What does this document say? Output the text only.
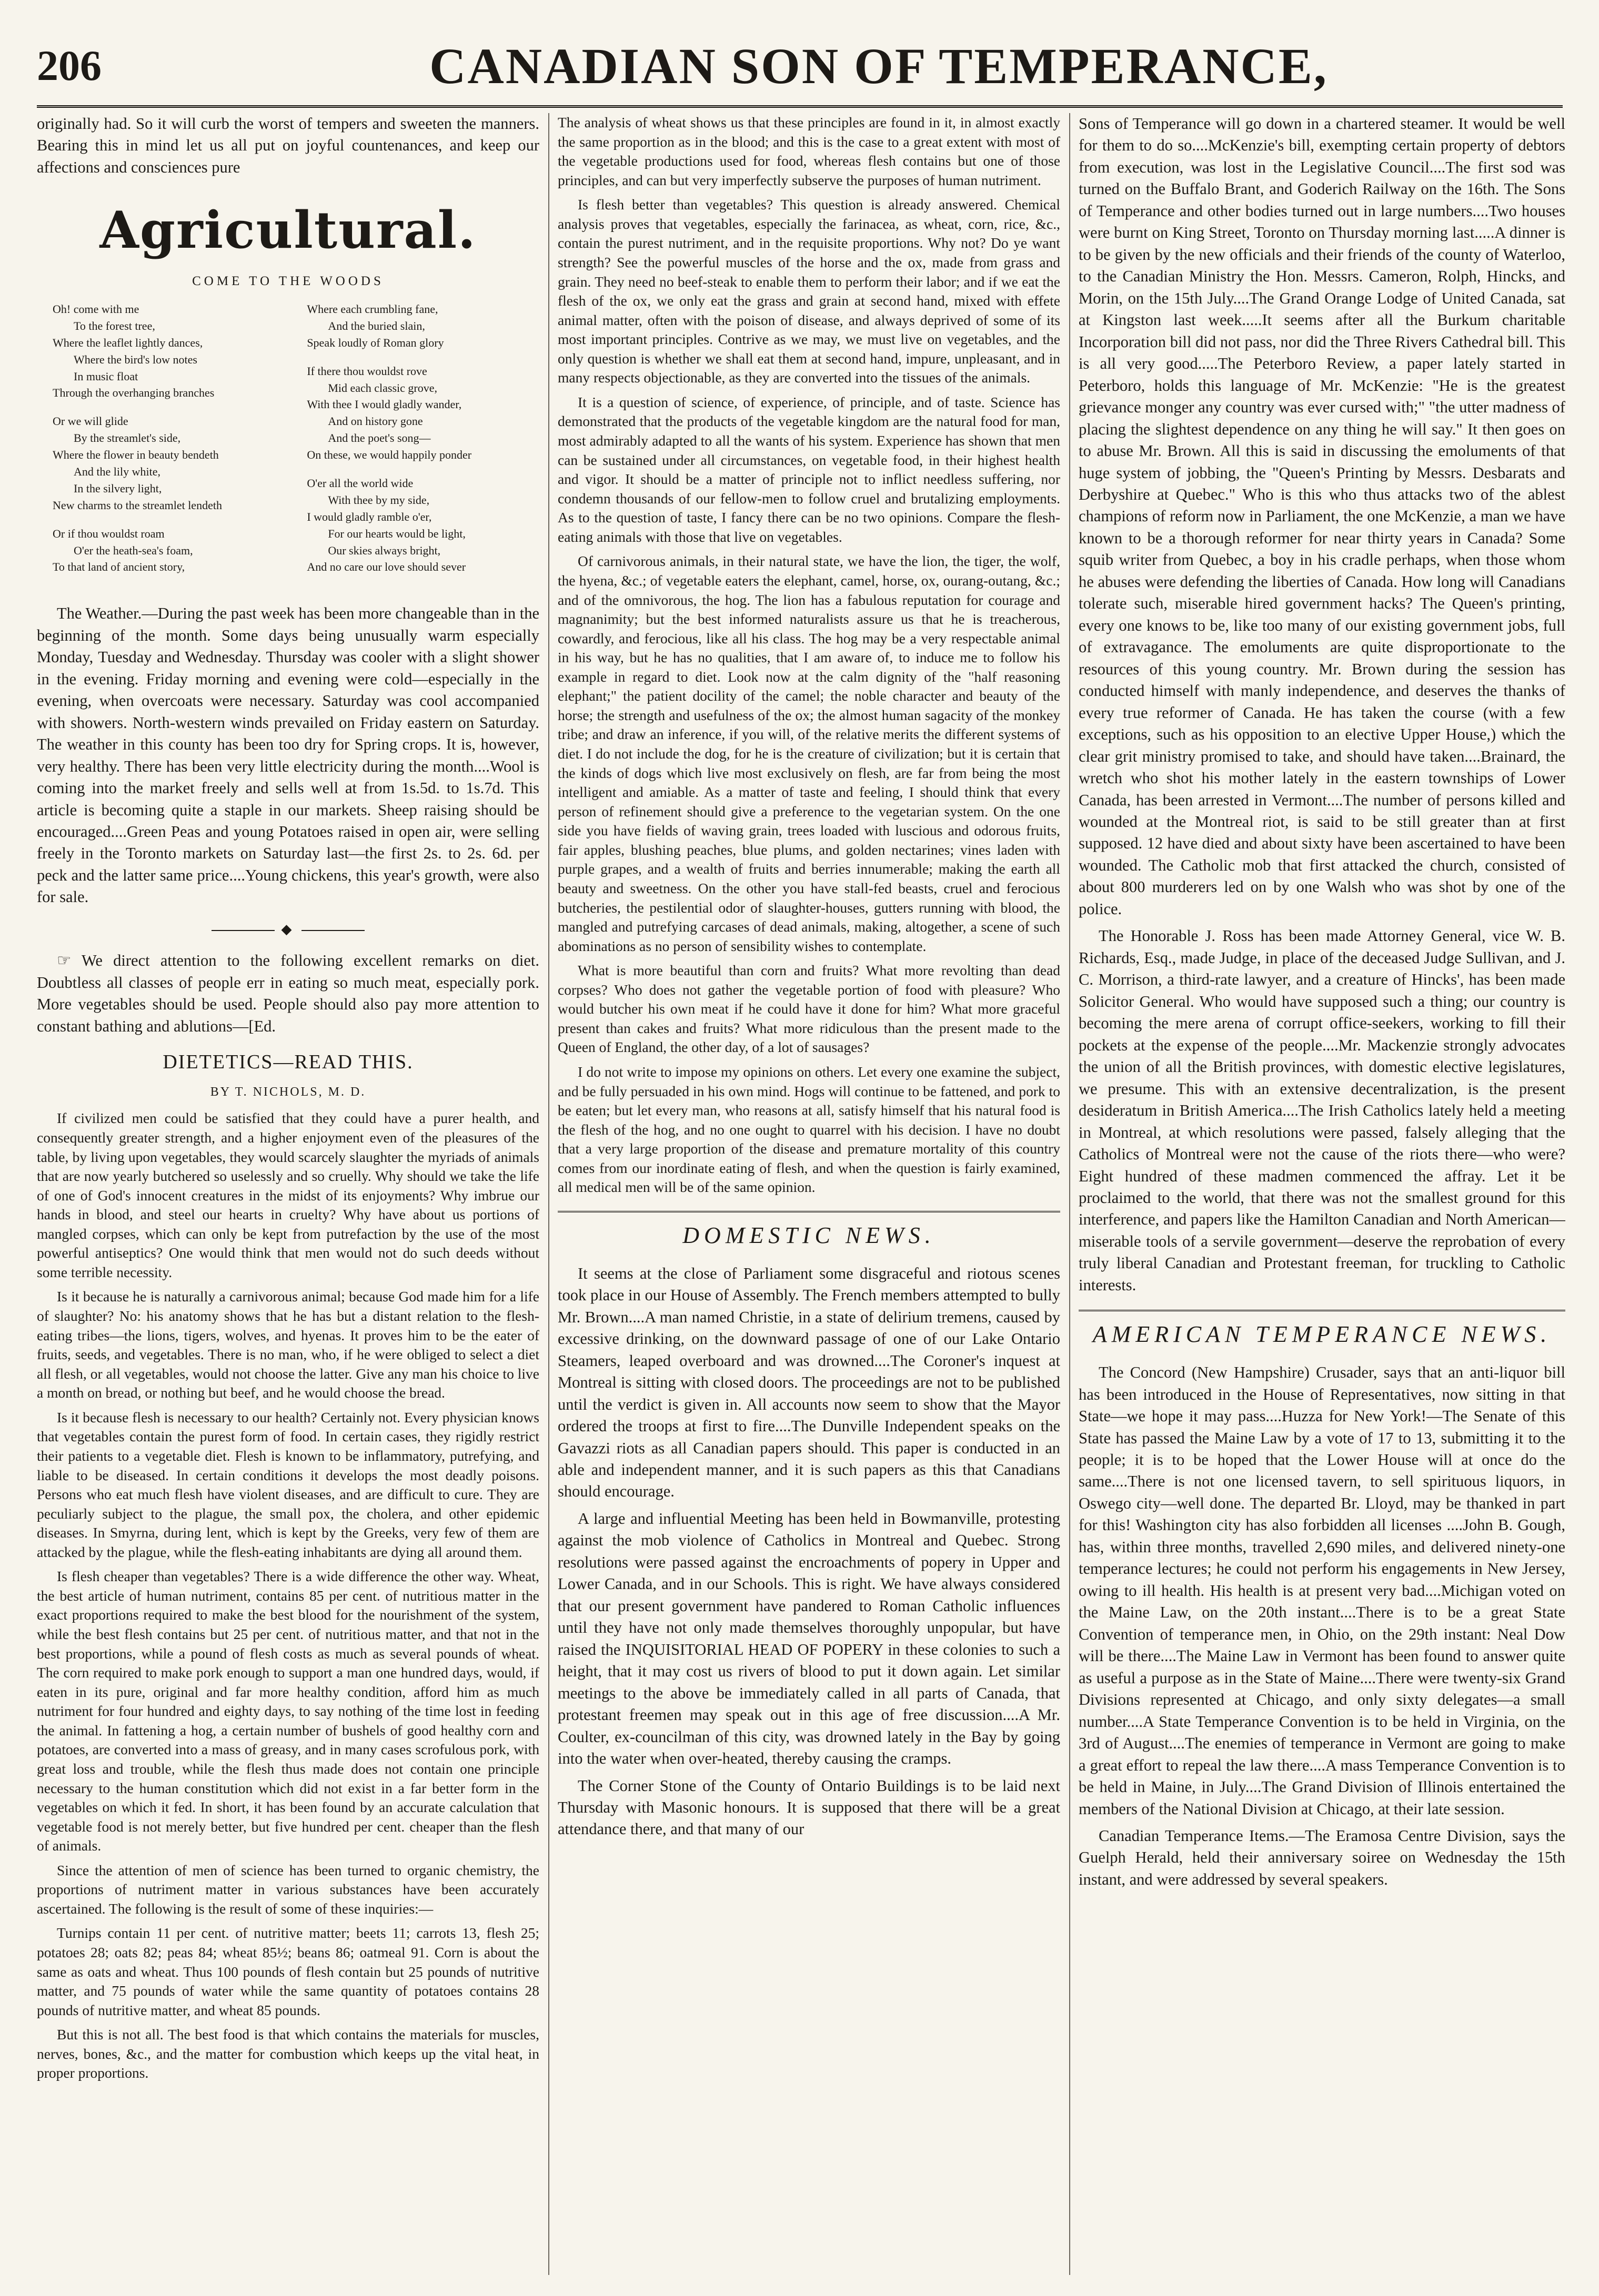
206	CANADIAN SON OF TEMPERANCE,

originally had. So it will curb the worst of tempers and sweeten the manners. Bearing this in mind let us all put on joyful countenances, and keep our affections and consciences pure

Agricultural.
COME TO THE WOODS
Oh! come with me
To the forest tree,
Where the leaflet lightly dances,
Where the bird's low notes
In music float
Through the overhanging branches
Or we will glide
By the streamlet's side,
Where the flower in beauty bendeth
And the lily white,
In the silvery light,
New charms to the streamlet lendeth
Or if thou wouldst roam
O'er the heath-sea's foam,
To that land of ancient story,
Where each crumbling fane,
And the buried slain,
Speak loudly of Roman glory
If there thou wouldst rove
Mid each classic grove,
With thee I would gladly wander,
And on history gone
And the poet's song—
On these, we would happily ponder
O'er all the world wide
With thee by my side,
I would gladly ramble o'er,
For our hearts would be light,
Our skies always bright,
And no care our love should sever

The Weather.—During the past week has been more changeable than in the beginning of the month. Some days being unusually warm especially Monday, Tuesday and Wednesday. Thursday was cooler with a slight shower in the evening. Friday morning and evening were cold—especially in the evening, when overcoats were necessary. Saturday was cool accompanied with showers. North-western winds prevailed on Friday eastern on Saturday. The weather in this county has been too dry for Spring crops. It is, however, very healthy. There has been very little electricity during the month....Wool is coming into the market freely and sells well at from 1s.5d. to 1s.7d. This article is becoming quite a staple in our markets. Sheep raising should be encouraged....Green Peas and young Potatoes raised in open air, were selling freely in the Toronto markets on Saturday last—the first 2s. to 2s. 6d. per peck and the latter same price....Young chickens, this year's growth, were also for sale.

◆

☞ We direct attention to the following excellent remarks on diet. Doubtless all classes of people err in eating so much meat, especially pork. More vegetables should be used. People should also pay more attention to constant bathing and ablutions—[Ed.

DIETETICS—READ THIS.
BY T. NICHOLS, M. D.

If civilized men could be satisfied that they could have a purer health, and consequently greater strength, and a higher enjoyment even of the pleasures of the table, by living upon vegetables, they would scarcely slaughter the myriads of animals that are now yearly butchered so uselessly and so cruelly. Why should we take the life of one of God's innocent creatures in the midst of its enjoyments? Why imbrue our hands in blood, and steel our hearts in cruelty? Why have about us portions of mangled corpses, which can only be kept from putrefaction by the use of the most powerful antiseptics? One would think that men would not do such deeds without some terrible necessity.

Is it because he is naturally a carnivorous animal; because God made him for a life of slaughter? No: his anatomy shows that he has but a distant relation to the flesh-eating tribes—the lions, tigers, wolves, and hyenas. It proves him to be the eater of fruits, seeds, and vegetables. There is no man, who, if he were obliged to select a diet all flesh, or all vegetables, would not choose the latter. Give any man his choice to live a month on bread, or nothing but beef, and he would choose the bread.

Is it because flesh is necessary to our health? Certainly not. Every physician knows that vegetables contain the purest form of food. In certain cases, they rigidly restrict their patients to a vegetable diet. Flesh is known to be inflammatory, putrefying, and liable to be diseased. In certain conditions it develops the most deadly poisons. Persons who eat much flesh have violent diseases, and are difficult to cure. They are peculiarly subject to the plague, the small pox, the cholera, and other epidemic diseases. In Smyrna, during lent, which is kept by the Greeks, very few of them are attacked by the plague, while the flesh-eating inhabitants are dying all around them.

Is flesh cheaper than vegetables? There is a wide difference the other way. Wheat, the best article of human nutriment, contains 85 per cent. of nutritious matter in the exact proportions required to make the best blood for the nourishment of the system, while the best flesh contains but 25 per cent. of nutritious matter, and that not in the best proportions, while a pound of flesh costs as much as several pounds of wheat. The corn required to make pork enough to support a man one hundred days, would, if eaten in its pure, original and far more healthy condition, afford him as much nutriment for four hundred and eighty days, to say nothing of the time lost in feeding the animal. In fattening a hog, a certain number of bushels of good healthy corn and potatoes, are converted into a mass of greasy, and in many cases scrofulous pork, with great loss and trouble, while the flesh thus made does not contain one principle necessary to the human constitution which did not exist in a far better form in the vegetables on which it fed. In short, it has been found by an accurate calculation that vegetable food is not merely better, but five hundred per cent. cheaper than the flesh of animals.

Since the attention of men of science has been turned to organic chemistry, the proportions of nutriment matter in various substances have been accurately ascertained. The following is the result of some of these inquiries:—

Turnips contain 11 per cent. of nutritive matter; beets 11; carrots 13, flesh 25; potatoes 28; oats 82; peas 84; wheat 85½; beans 86; oatmeal 91. Corn is about the same as oats and wheat. Thus 100 pounds of flesh contain but 25 pounds of nutritive matter, and 75 pounds of water while the same quantity of potatoes contains 28 pounds of nutritive matter, and wheat 85 pounds.

But this is not all. The best food is that which contains the materials for muscles, nerves, bones, &c., and the matter for combustion which keeps up the vital heat, in proper proportions.

The analysis of wheat shows us that these principles are found in it, in almost exactly the same proportion as in the blood; and this is the case to a great extent with most of the vegetable productions used for food, whereas flesh contains but one of those principles, and can but very imperfectly subserve the purposes of human nutriment.

Is flesh better than vegetables? This question is already answered. Chemical analysis proves that vegetables, especially the farinacea, as wheat, corn, rice, &c., contain the purest nutriment, and in the requisite proportions. Why not? Do ye want strength? See the powerful muscles of the horse and the ox, made from grass and grain. They need no beef-steak to enable them to perform their labor; and if we eat the flesh of the ox, we only eat the grass and grain at second hand, mixed with effete animal matter, often with the poison of disease, and always deprived of some of its most important principles. Contrive as we may, we must live on vegetables, and the only question is whether we shall eat them at second hand, impure, unpleasant, and in many respects objectionable, as they are converted into the tissues of the animals.

It is a question of science, of experience, of principle, and of taste. Science has demonstrated that the products of the vegetable kingdom are the natural food for man, most admirably adapted to all the wants of his system. Experience has shown that men can be sustained under all circumstances, on vegetable food, in their highest health and vigor. It should be a matter of principle not to inflict needless suffering, nor condemn thousands of our fellow-men to follow cruel and brutalizing employments. As to the question of taste, I fancy there can be no two opinions. Compare the flesh-eating animals with those that live on vegetables.

Of carnivorous animals, in their natural state, we have the lion, the tiger, the wolf, the hyena, &c.; of vegetable eaters the elephant, camel, horse, ox, ourang-outang, &c.; and of the omnivorous, the hog. The lion has a fabulous reputation for courage and magnanimity; but the best informed naturalists assure us that he is treacherous, cowardly, and ferocious, like all his class. The hog may be a very respectable animal in his way, but he has no qualities, that I am aware of, to induce me to follow his example in regard to diet. Look now at the calm dignity of the "half reasoning elephant;" the patient docility of the camel; the noble character and beauty of the horse; the strength and usefulness of the ox; the almost human sagacity of the monkey tribe; and draw an inference, if you will, of the relative merits the different systems of diet. I do not include the dog, for he is the creature of civilization; but it is certain that the kinds of dogs which live most exclusively on flesh, are far from being the most intelligent and amiable. As a matter of taste and feeling, I should think that every person of refinement should give a preference to the vegetarian system. On the one side you have fields of waving grain, trees loaded with luscious and odorous fruits, fair apples, blushing peaches, blue plums, and golden nectarines; vines laden with purple grapes, and a wealth of fruits and berries innumerable; making the earth all beauty and sweetness. On the other you have stall-fed beasts, cruel and ferocious butcheries, the pestilential odor of slaughter-houses, gutters running with blood, the mangled and putrefying carcases of dead animals, making, altogether, a scene of such abominations as no person of sensibility wishes to contemplate.

What is more beautiful than corn and fruits? What more revolting than dead corpses? Who does not gather the vegetable portion of food with pleasure? Who would butcher his own meat if he could have it done for him? What more graceful present than cakes and fruits? What more ridiculous than the present made to the Queen of England, the other day, of a lot of sausages?

I do not write to impose my opinions on others. Let every one examine the subject, and be fully persuaded in his own mind. Hogs will continue to be fattened, and pork to be eaten; but let every man, who reasons at all, satisfy himself that his natural food is the flesh of the hog, and no one ought to quarrel with his decision. I have no doubt that a very large proportion of the disease and premature mortality of this country comes from our inordinate eating of flesh, and when the question is fairly examined, all medical men will be of the same opinion.

DOMESTIC NEWS.

It seems at the close of Parliament some disgraceful and riotous scenes took place in our House of Assembly. The French members attempted to bully Mr. Brown....A man named Christie, in a state of delirium tremens, caused by excessive drinking, on the downward passage of one of our Lake Ontario Steamers, leaped overboard and was drowned....The Coroner's inquest at Montreal is sitting with closed doors. The proceedings are not to be published until the verdict is given in. All accounts now seem to show that the Mayor ordered the troops at first to fire....The Dunville Independent speaks on the Gavazzi riots as all Canadian papers should. This paper is conducted in an able and independent manner, and it is such papers as this that Canadians should encourage.

A large and influential Meeting has been held in Bowmanville, protesting against the mob violence of Catholics in Montreal and Quebec. Strong resolutions were passed against the encroachments of popery in Upper and Lower Canada, and in our Schools. This is right. We have always considered that our present government have pandered to Roman Catholic influences until they have not only made themselves thoroughly unpopular, but have raised the INQUISITORIAL HEAD OF POPERY in these colonies to such a height, that it may cost us rivers of blood to put it down again. Let similar meetings to the above be immediately called in all parts of Canada, that protestant freemen may speak out in this age of free discussion....A Mr. Coulter, ex-councilman of this city, was drowned lately in the Bay by going into the water when over-heated, thereby causing the cramps.

The Corner Stone of the County of Ontario Buildings is to be laid next Thursday with Masonic honours. It is supposed that there will be a great attendance there, and that many of our

Sons of Temperance will go down in a chartered steamer. It would be well for them to do so....McKenzie's bill, exempting certain property of debtors from execution, was lost in the Legislative Council....The first sod was turned on the Buffalo Brant, and Goderich Railway on the 16th. The Sons of Temperance and other bodies turned out in large numbers....Two houses were burnt on King Street, Toronto on Thursday morning last.....A dinner is to be given by the new officials and their friends of the county of Waterloo, to the Canadian Ministry the Hon. Messrs. Cameron, Rolph, Hincks, and Morin, on the 15th July....The Grand Orange Lodge of United Canada, sat at Kingston last week.....It seems after all the Burkum charitable Incorporation bill did not pass, nor did the Three Rivers Cathedral bill. This is all very good.....The Peterboro Review, a paper lately started in Peterboro, holds this language of Mr. McKenzie: "He is the greatest grievance monger any country was ever cursed with;" "the utter madness of placing the slightest dependence on any thing he will say." It then goes on to abuse Mr. Brown. All this is said in discussing the emoluments of that huge system of jobbing, the "Queen's Printing by Messrs. Desbarats and Derbyshire at Quebec." Who is this who thus attacks two of the ablest champions of reform now in Parliament, the one McKenzie, a man we have known to be a thorough reformer for near thirty years in Canada? Some squib writer from Quebec, a boy in his cradle perhaps, when those whom he abuses were defending the liberties of Canada. How long will Canadians tolerate such, miserable hired government hacks? The Queen's printing, every one knows to be, like too many of our existing government jobs, full of extravagance. The emoluments are quite disproportionate to the resources of this young country. Mr. Brown during the session has conducted himself with manly independence, and deserves the thanks of every true reformer of Canada. He has taken the course (with a few exceptions, such as his opposition to an elective Upper House,) which the clear grit ministry promised to take, and should have taken....Brainard, the wretch who shot his mother lately in the eastern townships of Lower Canada, has been arrested in Vermont....The number of persons killed and wounded at the Montreal riot, is said to be still greater than at first supposed. 12 have died and about sixty have been ascertained to have been wounded. The Catholic mob that first attacked the church, consisted of about 800 murderers led on by one Walsh who was shot by one of the police.

The Honorable J. Ross has been made Attorney General, vice W. B. Richards, Esq., made Judge, in place of the deceased Judge Sullivan, and J. C. Morrison, a third-rate lawyer, and a creature of Hincks', has been made Solicitor General. Who would have supposed such a thing; our country is becoming the mere arena of corrupt office-seekers, working to fill their pockets at the expense of the people....Mr. Mackenzie strongly advocates the union of all the British provinces, with domestic elective legislatures, we presume. This with an extensive decentralization, is the present desideratum in British America....The Irish Catholics lately held a meeting in Montreal, at which resolutions were passed, falsely alleging that the Catholics of Montreal were not the cause of the riots there—who were? Eight hundred of these madmen commenced the affray. Let it be proclaimed to the world, that there was not the smallest ground for this interference, and papers like the Hamilton Canadian and North American—miserable tools of a servile government—deserve the reprobation of every truly liberal Canadian and Protestant freeman, for truckling to Catholic interests.

AMERICAN TEMPERANCE NEWS.

The Concord (New Hampshire) Crusader, says that an anti-liquor bill has been introduced in the House of Representatives, now sitting in that State—we hope it may pass....Huzza for New York!—The Senate of this State has passed the Maine Law by a vote of 17 to 13, submitting it to the people; it is to be hoped that the Lower House will at once do the same....There is not one licensed tavern, to sell spirituous liquors, in Oswego city—well done. The departed Br. Lloyd, may be thanked in part for this! Washington city has also forbidden all licenses ....John B. Gough, has, within three months, travelled 2,690 miles, and delivered ninety-one temperance lectures; he could not perform his engagements in New Jersey, owing to ill health. His health is at present very bad....Michigan voted on the Maine Law, on the 20th instant....There is to be a great State Convention of temperance men, in Ohio, on the 29th instant: Neal Dow will be there....The Maine Law in Vermont has been found to answer quite as useful a purpose as in the State of Maine....There were twenty-six Grand Divisions represented at Chicago, and only sixty delegates—a small number....A State Temperance Convention is to be held in Virginia, on the 3rd of August....The enemies of temperance in Vermont are going to make a great effort to repeal the law there....A mass Temperance Convention is to be held in Maine, in July....The Grand Division of Illinois entertained the members of the National Division at Chicago, at their late session.

Canadian Temperance Items.—The Eramosa Centre Division, says the Guelph Herald, held their anniversary soiree on Wednesday the 15th instant, and were addressed by several speakers.
